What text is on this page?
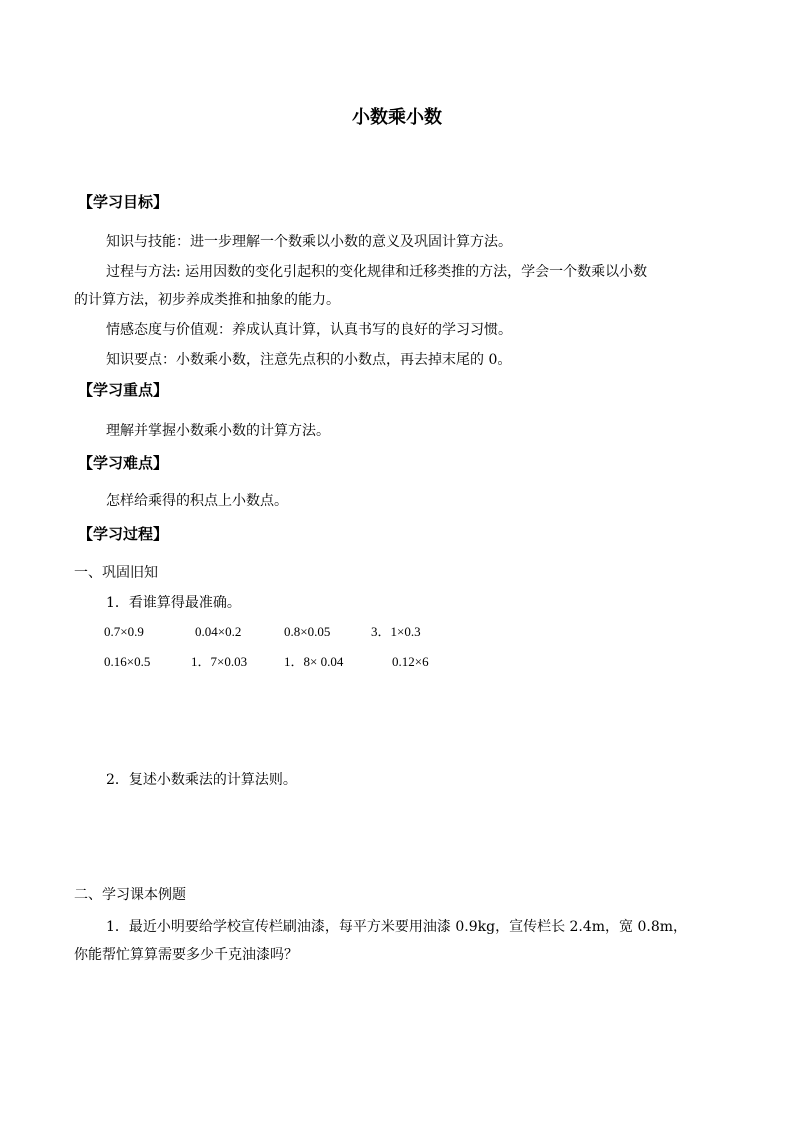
小数乘小数
【学习目标】
知识与技能：进一步理解一个数乘以小数的意义及巩固计算方法。
过程与方法: 运用因数的变化引起积的变化规律和迁移类推的方法，学会一个数乘以小数
的计算方法，初步养成类推和抽象的能力。
情感态度与价值观：养成认真计算，认真书写的良好的学习习惯。
知识要点：小数乘小数，注意先点积的小数点，再去掉末尾的 0。
【学习重点】
理解并掌握小数乘小数的计算方法。
【学习难点】
怎样给乘得的积点上小数点。
【学习过程】
一、巩固旧知
1．看谁算得最准确。
0.7×0.9	0.04×0.2	0.8×0.05	3．1×0.3
0.16×0.5	1．7×0.03	1．8× 0.04	0.12×6
2．复述小数乘法的计算法则。
二、学习课本例题
1．最近小明要给学校宣传栏刷油漆，每平方米要用油漆 0.9kg，宣传栏长 2.4m，宽 0.8m，
你能帮忙算算需要多少千克油漆吗？
